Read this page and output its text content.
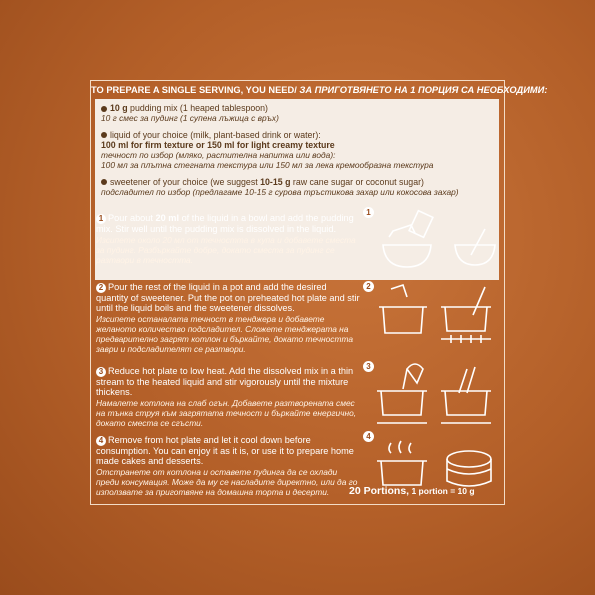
TO PREPARE A SINGLE SERVING, YOU NEED/ ЗА ПРИГОТВЯНЕТО НА 1 ПОРЦИЯ СА НЕОБХОДИМИ:
10 g pudding mix (1 heaped tablespoon)
10 г смес за пудинг (1 супена лъжица с връх)
liquid of your choice (milk, plant-based drink or water):
100 ml for firm texture or 150 ml for light creamy texture
течност по избор (мляко, растителна напитка или вода):
100 мл за плътна стегната текстура или 150 мл за лека кремообразна текстура
sweetener of your choice (we suggest 10-15 g raw cane sugar or coconut sugar)
подсладител по избор (предлагаме 10-15 г суровa тръстикова захар или кокосова захар)
1 Pour about 20 ml of the liquid in a bowl and add the pudding mix. Stir well until the pudding mix is dissolved in the liquid.
Изсипете около 20 мл от течността в купа и добавете сместа за пудинг. Разбъркайте добре, докато сместа за пудинг се разтвори в течността.
1
2 Pour the rest of the liquid in a pot and add the desired quantity of sweetener. Put the pot on preheated hot plate and stir until the liquid boils and the sweetener dissolves.
Изсипете останалата течност в тенджера и добавете желаното количество подсладител. Сложете тенджерата на предварително загрят котлон и бъркайте, докато течността заври и подсладителят се разтвори.
2
3 Reduce hot plate to low heat. Add the dissolved mix in a thin stream to the heated liquid and stir vigorously until the mixture thickens.
Намалете котлона на слаб огън. Добавете разтворената смес на тънка струя към загрятата течност и бъркайте енергично, докато сместа се сгъсти.
3
4 Remove from hot plate and let it cool down before consumption. You can enjoy it as it is, or use it to prepare home made cakes and desserts.
Отстранете от котлона и оставете пудинга да се охлади преди консумация. Може да му се насладите директно, или да го използвате за приготвяне на домашна торта и десерти.
4
20 Portions, 1 portion = 10 g
